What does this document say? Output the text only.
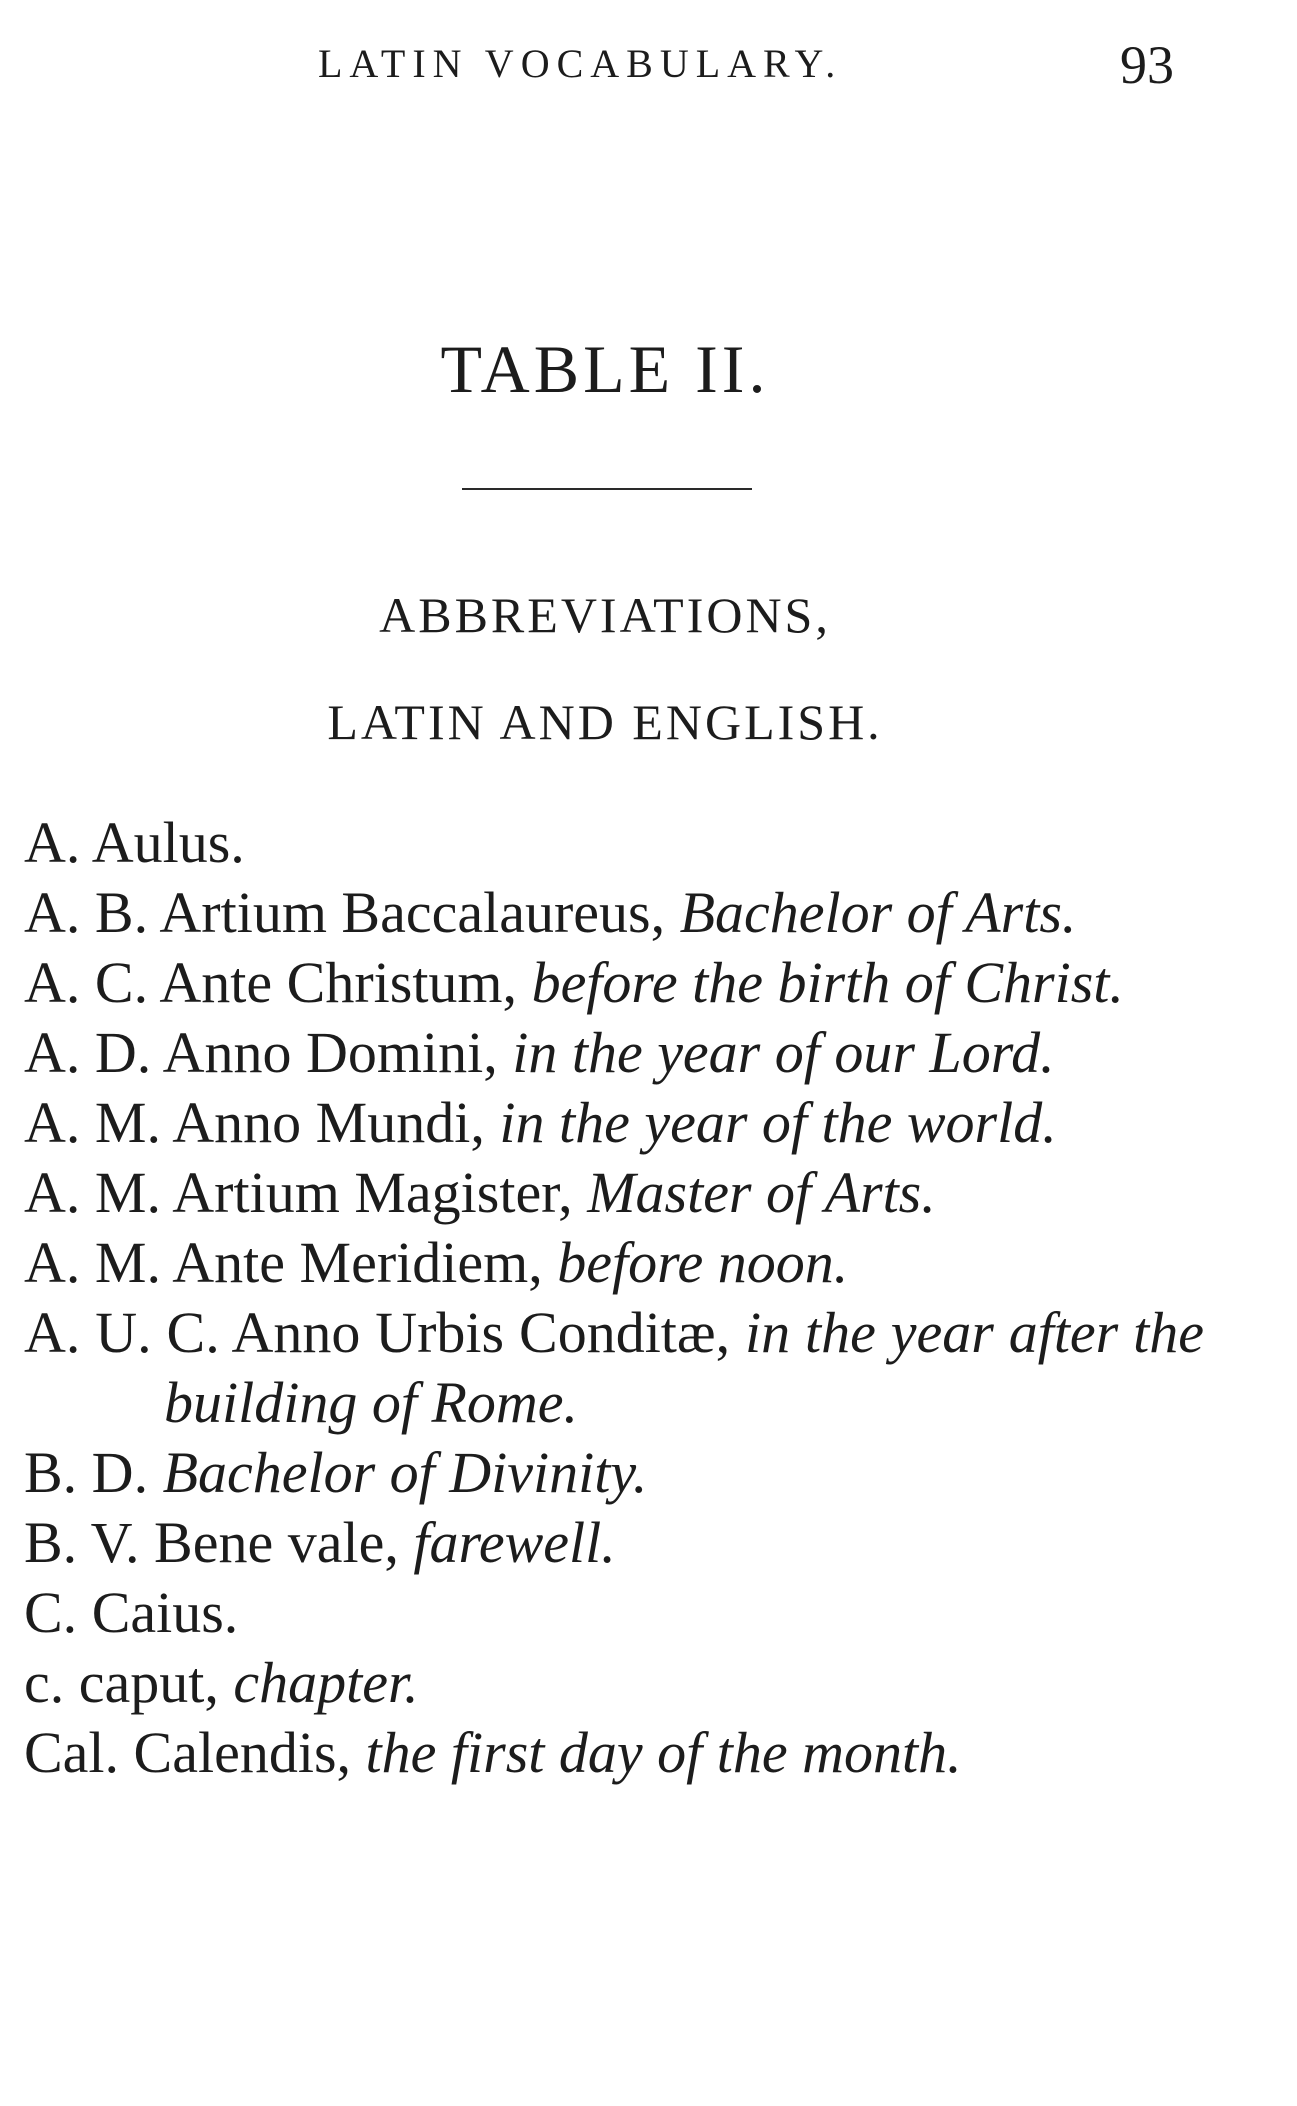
LATIN VOCABULARY.	93
TABLE II.
ABBREVIATIONS,
LATIN AND ENGLISH.
A. Aulus.
A. B. Artium Baccalaureus, Bachelor of Arts.
A. C. Ante Christum, before the birth of Christ.
A. D. Anno Domini, in the year of our Lord.
A. M. Anno Mundi, in the year of the world.
A. M. Artium Magister, Master of Arts.
A. M. Ante Meridiem, before noon.
A. U. C. Anno Urbis Conditæ, in the year after the building of Rome.
B. D. Bachelor of Divinity.
B. V. Bene vale, farewell.
C. Caius.
c. caput, chapter.
Cal. Calendis, the first day of the month.
